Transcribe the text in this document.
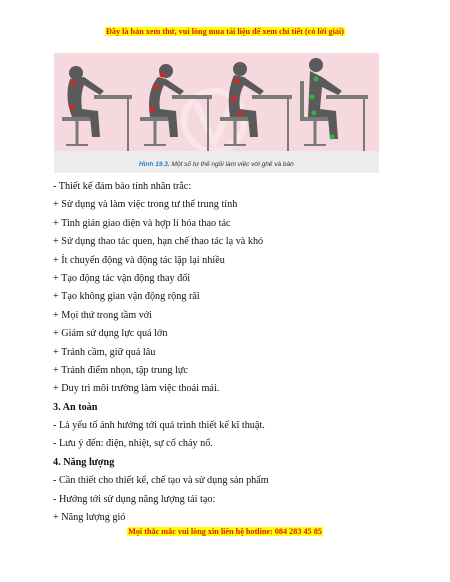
Đây là bản xem thử, vui lòng mua tài liệu để xem chi tiết (có lời giải)
Hình 19.3. Một số tư thế ngồi làm việc với ghế và bàn
- Thiết kế đảm bảo tính nhân trắc:
+ Sử dụng và làm việc trong tư thế trung tính
+ Tinh giản giao diện và hợp lí hóa thao tác
+ Sử dụng thao tác quen, hạn chế thao tác lạ và khó
+ Ít chuyển động và động tác lặp lại nhiều
+ Tạo động tác vận động thay đổi
+ Tạo không gian vận động rộng rãi
+ Mọi thứ trong tầm với
+ Giảm sử dụng lực quá lớn
+ Tránh cầm, giữ quá lâu
+ Tránh điểm nhọn, tập trung lực
+ Duy trì môi trường làm việc thoải mái.
3. An toàn
- Là yếu tố ảnh hưởng tới quá trình thiết kế kĩ thuật.
- Lưu ý đến: điện, nhiệt, sự cố cháy nổ.
4. Năng lượng
- Cần thiết cho thiết kế, chế tạo và sử dụng sản phẩm
- Hướng tới sử dụng năng lượng tái tạo:
+ Năng lượng gió
Mọi thắc mắc vui lòng xin liên hệ hotline: 084 283 45 85
